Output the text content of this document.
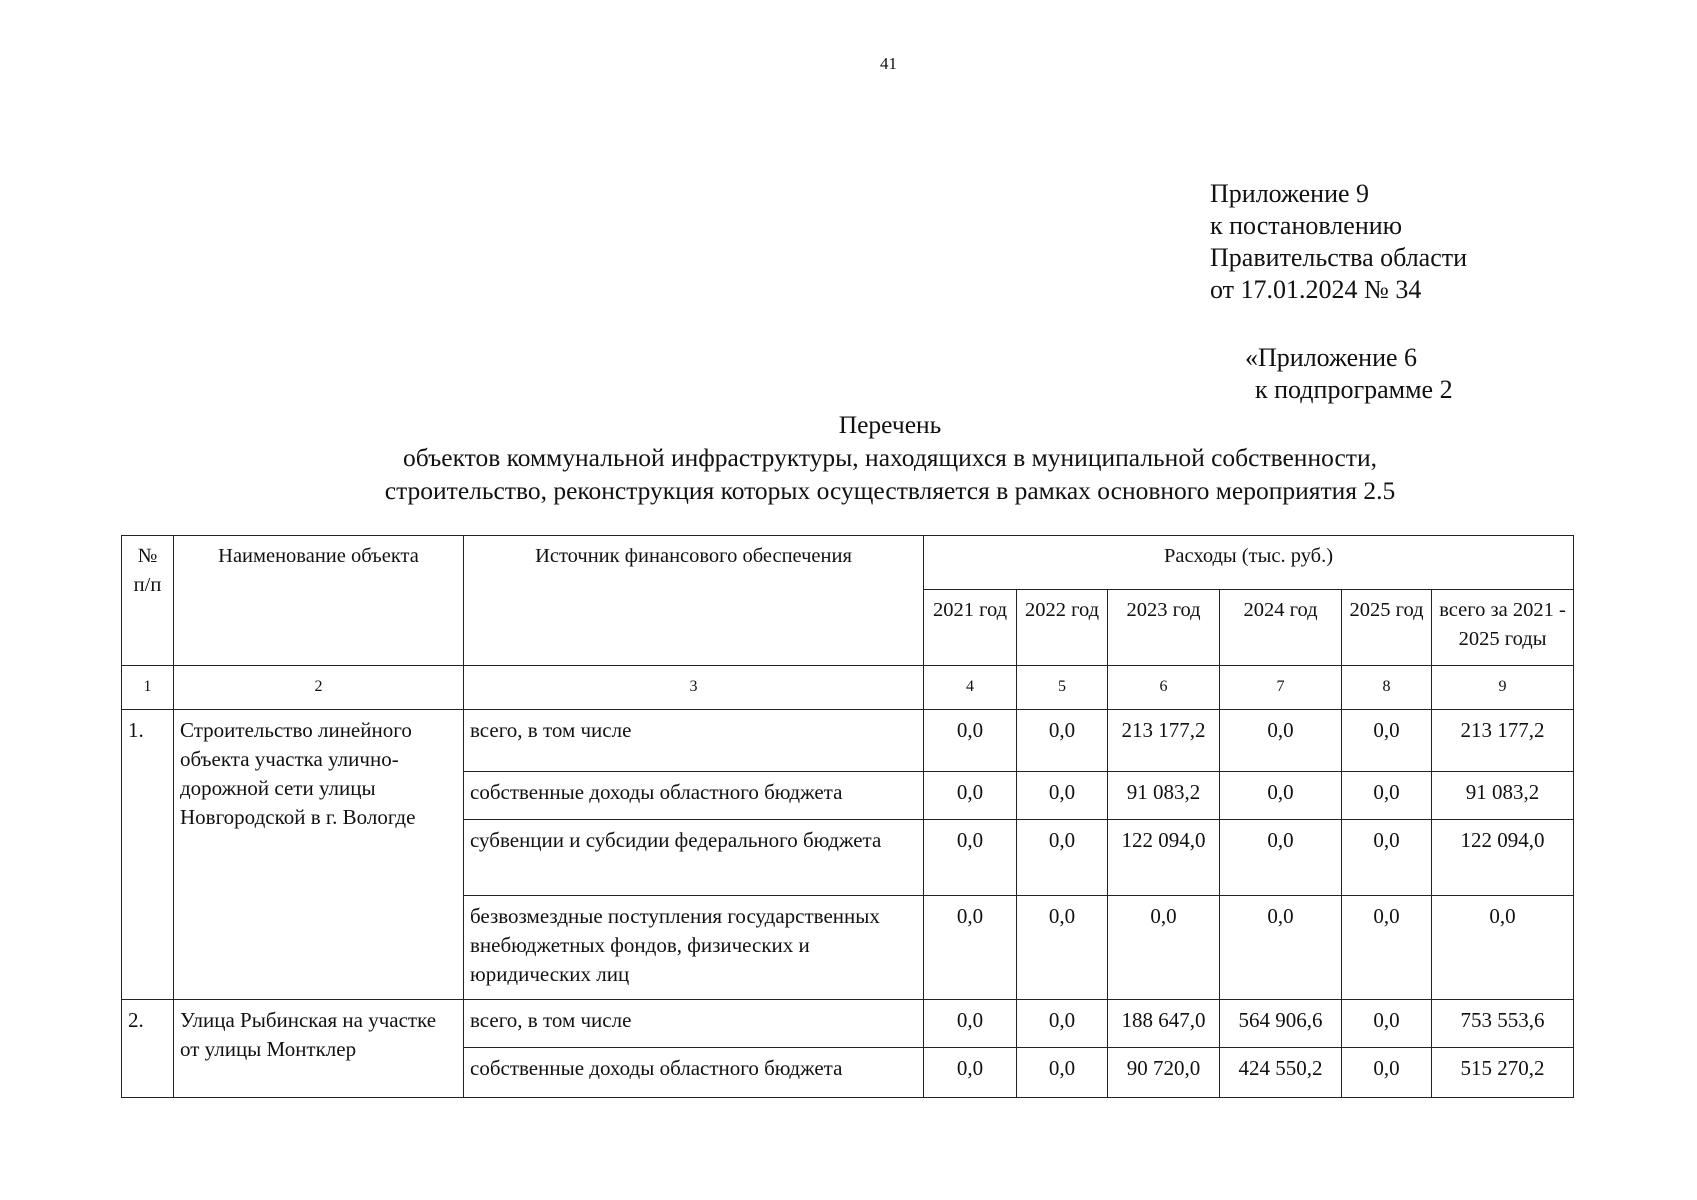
41
Приложение 9
к постановлению
Правительства области
от 17.01.2024 № 34
«Приложение 6
к подпрограмме 2
Перечень
объектов коммунальной инфраструктуры, находящихся в муниципальной собственности,
строительство, реконструкция которых осуществляется в рамках основного мероприятия 2.5
№ п/п	Наименование объекта	Источник финансового обеспечения	Расходы (тыс. руб.)					
			2021 год	2022 год	2023 год	2024 год	2025 год	всего за 2021 - 2025 годы
1	2	3	4	5	6	7	8	9
1.	Строительство линейного объекта участка улично-дорожной сети улицы Новгородской в г. Вологде	всего, в том числе	0,0	0,0	213 177,2	0,0	0,0	213 177,2
		собственные доходы областного бюджета	0,0	0,0	91 083,2	0,0	0,0	91 083,2
		субвенции и субсидии федерального бюджета	0,0	0,0	122 094,0	0,0	0,0	122 094,0
		безвозмездные поступления государственных внебюджетных фондов, физических и юридических лиц	0,0	0,0	0,0	0,0	0,0	0,0
2.	Улица Рыбинская на участке от улицы Монтклер	всего, в том числе	0,0	0,0	188 647,0	564 906,6	0,0	753 553,6
		собственные доходы областного бюджета	0,0	0,0	90 720,0	424 550,2	0,0	515 270,2
